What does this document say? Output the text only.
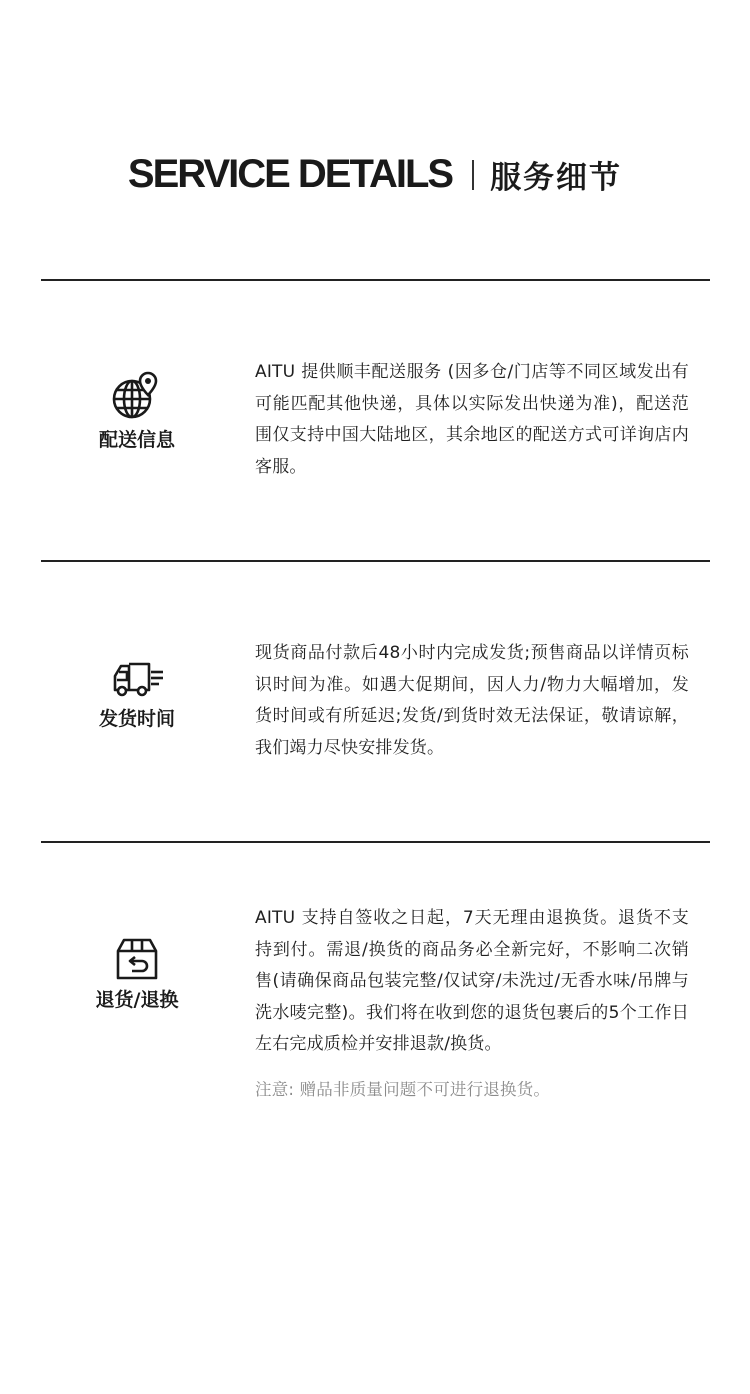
SERVICE DETAILS 服务细节
配送信息
AITU 提供顺丰配送服务 (因多仓/门店等不同区域发出有可能匹配其他快递，具体以实际发出快递为准)，配送范围仅支持中国大陆地区，其余地区的配送方式可详询店内客服。
发货时间
现货商品付款后48小时内完成发货;预售商品以详情页标识时间为准。如遇大促期间，因人力/物力大幅增加，发货时间或有所延迟;发货/到货时效无法保证，敬请谅解，我们竭力尽快安排发货。
退货/退换
AITU 支持自签收之日起，7天无理由退换货。退货不支持到付。需退/换货的商品务必全新完好，不影响二次销售(请确保商品包装完整/仅试穿/未洗过/无香水味/吊牌与洗水唛完整)。我们将在收到您的退货包裹后的5个工作日左右完成质检并安排退款/换货。
注意: 赠品非质量问题不可进行退换货。
